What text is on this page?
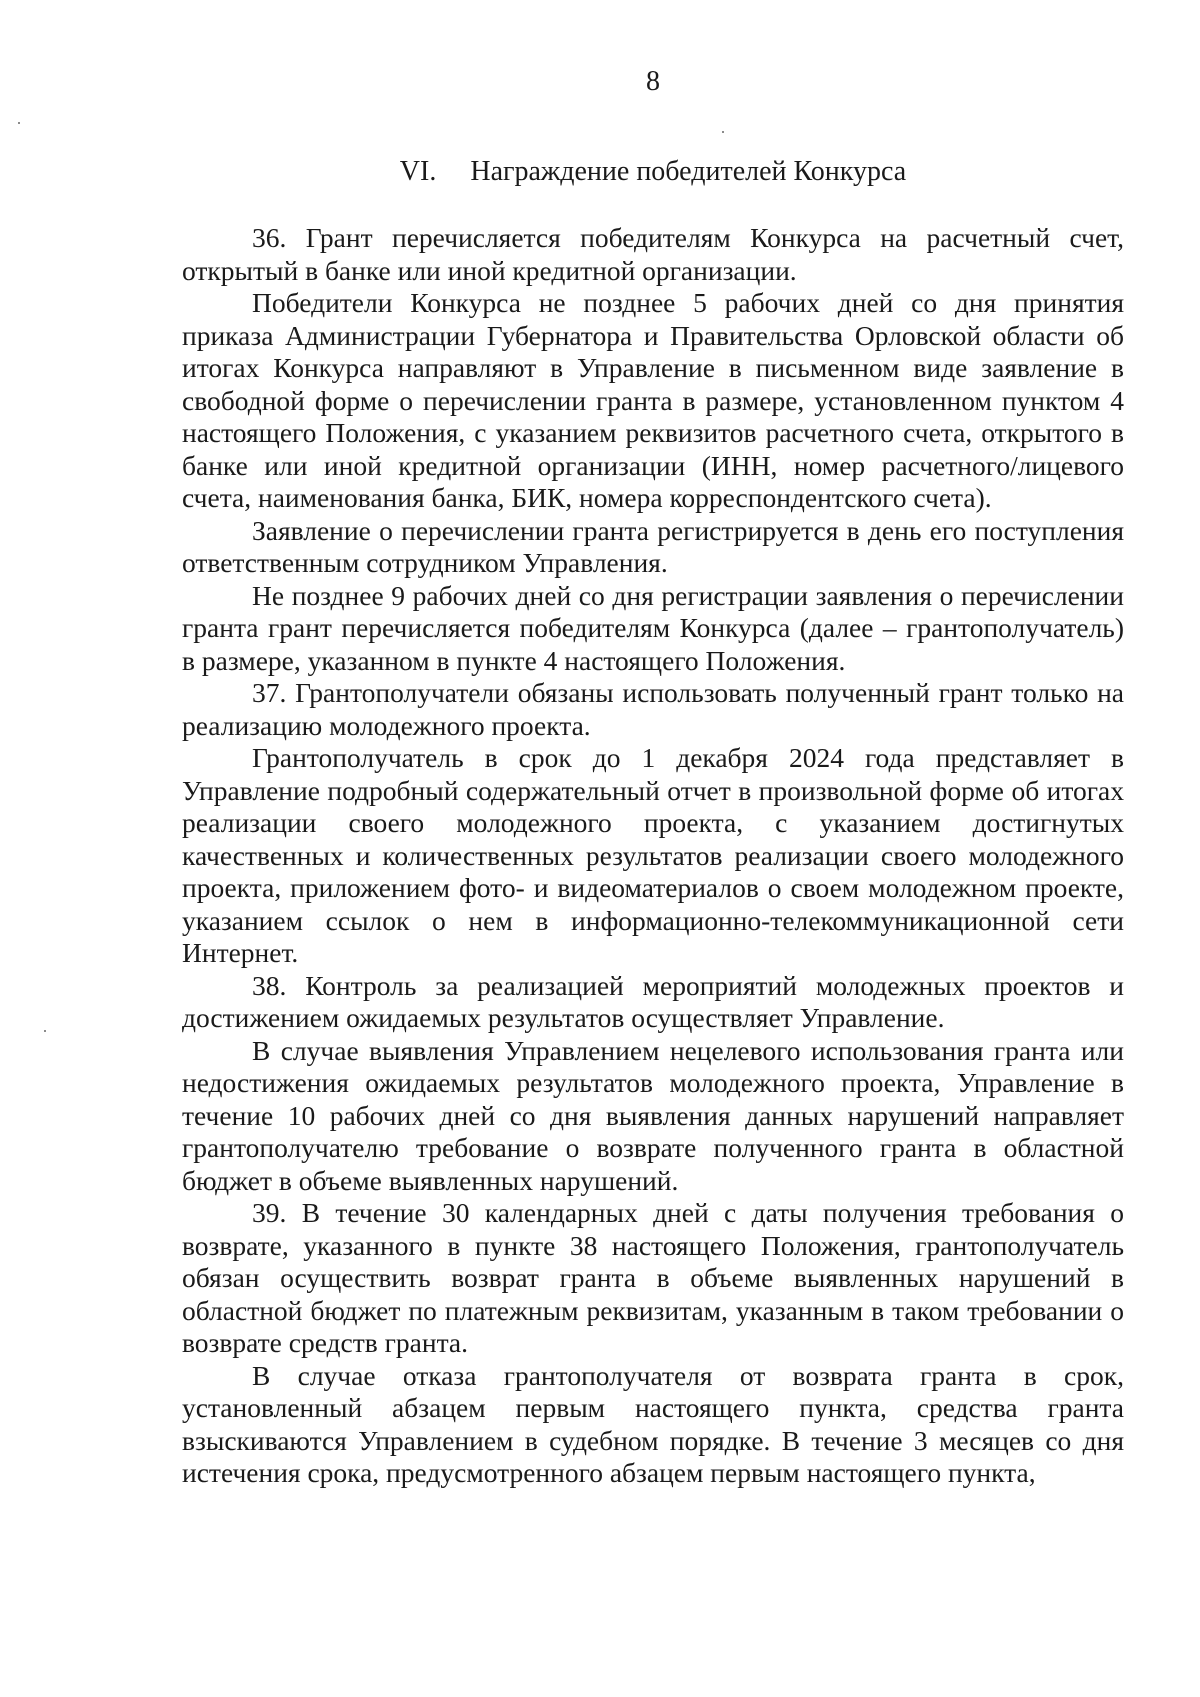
8
VI. Награждение победителей Конкурса

36. Грант перечисляется победителям Конкурса на расчетный счет, открытый в банке или иной кредитной организации.

Победители Конкурса не позднее 5 рабочих дней со дня принятия приказа Администрации Губернатора и Правительства Орловской области об итогах Конкурса направляют в Управление в письменном виде заявление в свободной форме о перечислении гранта в размере, установленном пунктом 4 настоящего Положения, с указанием реквизитов расчетного счета, открытого в банке или иной кредитной организации (ИНН, номер расчетного/лицевого счета, наименования банка, БИК, номера корреспондентского счета).

Заявление о перечислении гранта регистрируется в день его поступления ответственным сотрудником Управления.

Не позднее 9 рабочих дней со дня регистрации заявления о перечислении гранта грант перечисляется победителям Конкурса (далее – грантополучатель) в размере, указанном в пункте 4 настоящего Положения.

37. Грантополучатели обязаны использовать полученный грант только на реализацию молодежного проекта.

Грантополучатель в срок до 1 декабря 2024 года представляет в Управление подробный содержательный отчет в произвольной форме об итогах реализации своего молодежного проекта, с указанием достигнутых качественных и количественных результатов реализации своего молодежного проекта, приложением фото- и видеоматериалов о своем молодежном проекте, указанием ссылок о нем в информационно-телекоммуникационной сети Интернет.

38. Контроль за реализацией мероприятий молодежных проектов и достижением ожидаемых результатов осуществляет Управление.

В случае выявления Управлением нецелевого использования гранта или недостижения ожидаемых результатов молодежного проекта, Управление в течение 10 рабочих дней со дня выявления данных нарушений направляет грантополучателю требование о возврате полученного гранта в областной бюджет в объеме выявленных нарушений.

39. В течение 30 календарных дней с даты получения требования о возврате, указанного в пункте 38 настоящего Положения, грантополучатель обязан осуществить возврат гранта в объеме выявленных нарушений в областной бюджет по платежным реквизитам, указанным в таком требовании о возврате средств гранта.

В случае отказа грантополучателя от возврата гранта в срок, установленный абзацем первым настоящего пункта, средства гранта взыскиваются Управлением в судебном порядке. В течение 3 месяцев со дня истечения срока, предусмотренного абзацем первым настоящего пункта,
